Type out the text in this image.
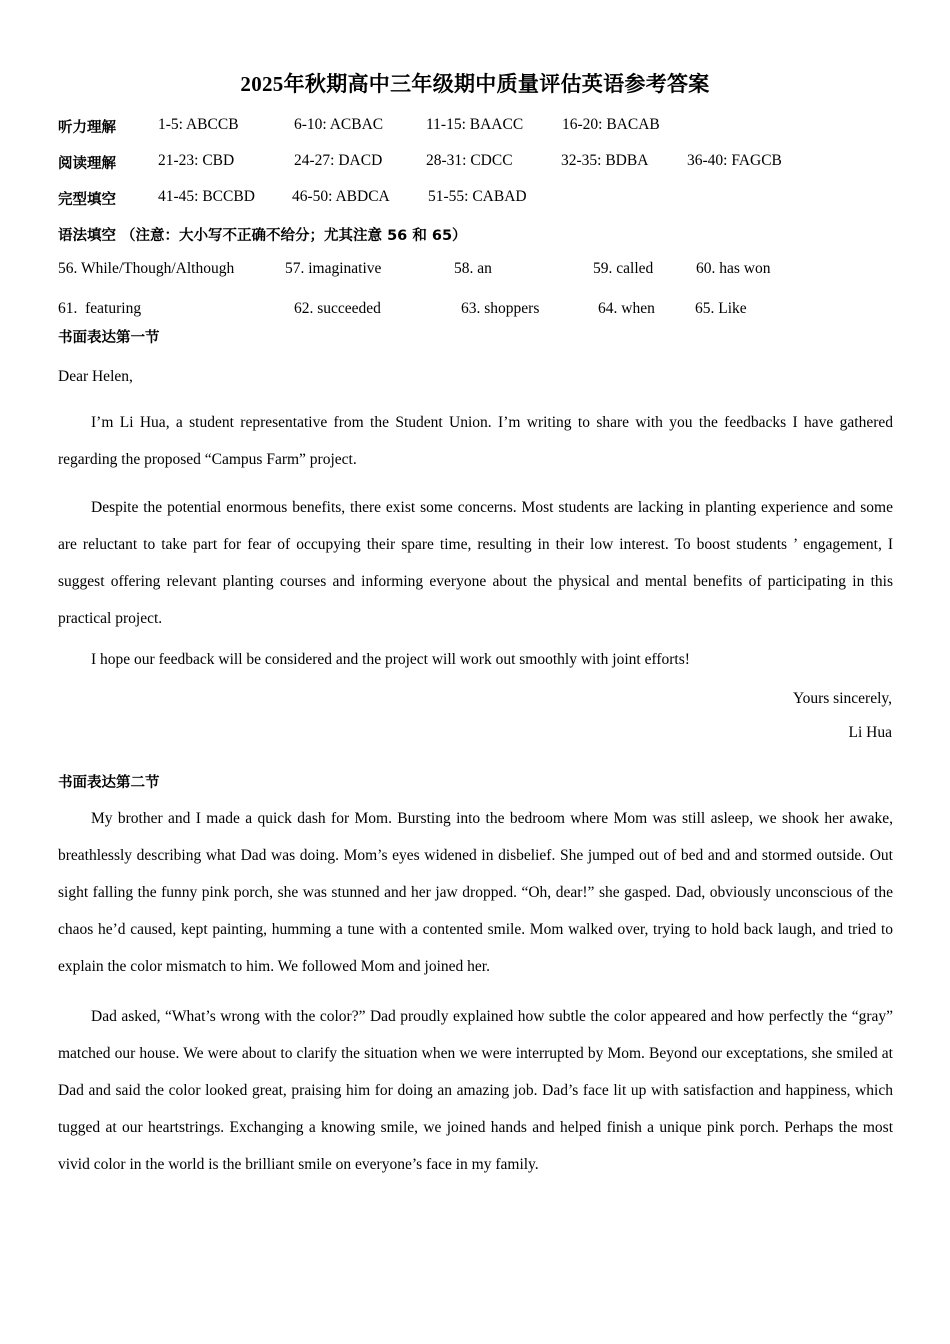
2025年秋期高中三年级期中质量评估英语参考答案
听力理解	1-5: ABCCB	6-10: ACBAC	11-15: BAACC	16-20: BACAB
阅读理解	21-23: CBD	24-27: DACD	28-31: CDCC	32-35: BDBA 36-40: FAGCB
完型填空	41-45: BCCBD 46-50: ABDCA 51-55: CABAD
语法填空 （注意：大小写不正确不给分；尤其注意 56 和 65）
56. While/Though/Although	57. imaginative	58. an	59. called	60. has won
61.  featuring	62. succeeded	63. shoppers	64. when	65. Like
书面表达第一节
Dear Helen,

I’m Li Hua, a student representative from the Student Union. I’m writing to share with you the feedbacks I have gathered regarding the proposed “Campus Farm” project.

Despite the potential enormous benefits, there exist some concerns. Most students are lacking in planting experience and some are reluctant to take part for fear of occupying their spare time, resulting in their low interest. To boost students ’ engagement, I suggest offering relevant planting courses and informing everyone about the physical and mental benefits of participating in this practical project.

I hope our feedback will be considered and the project will work out smoothly with joint efforts!

Yours sincerely,
Li Hua
书面表达第二节

My brother and I made a quick dash for Mom. Bursting into the bedroom where Mom was still asleep, we shook her awake, breathlessly describing what Dad was doing. Mom’s eyes widened in disbelief. She jumped out of bed and and stormed outside. Out sight falling the funny pink porch, she was stunned and her jaw dropped. “Oh, dear!” she gasped. Dad, obviously unconscious of the chaos he’d caused, kept painting, humming a tune with a contented smile. Mom walked over, trying to hold back laugh, and tried to explain the color mismatch to him. We followed Mom and joined her.

Dad asked, “What’s wrong with the color?” Dad proudly explained how subtle the color appeared and how perfectly the “gray” matched our house. We were about to clarify the situation when we were interrupted by Mom. Beyond our exceptations, she smiled at Dad and said the color looked great, praising him for doing an amazing job. Dad’s face lit up with satisfaction and happiness, which tugged at our heartstrings. Exchanging a knowing smile, we joined hands and helped finish a unique pink porch. Perhaps the most vivid color in the world is the brilliant smile on everyone’s face in my family.
